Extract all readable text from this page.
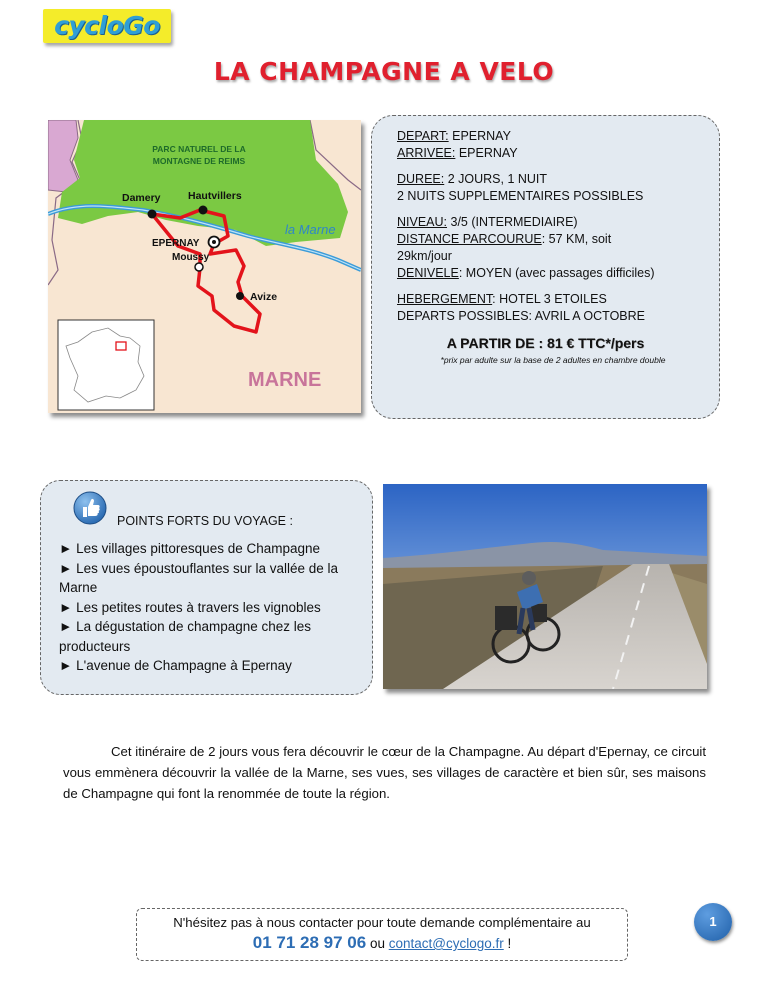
cycloGo
LA CHAMPAGNE A VELO
PARC NATUREL DE LA
MONTAGNE DE REIMS
Damery	Hautvillers
la Marne
EPERNAY
Moussy
Avize
MARNE
DEPART: EPERNAY
ARRIVEE: EPERNAY
DUREE: 2 JOURS, 1 NUIT
2 NUITS SUPPLEMENTAIRES POSSIBLES
NIVEAU: 3/5 (INTERMEDIAIRE)
DISTANCE PARCOURUE: 57 KM, soit
29km/jour
DENIVELE: MOYEN (avec passages difficiles)
HEBERGEMENT: HOTEL 3 ETOILES
DEPARTS POSSIBLES: AVRIL A OCTOBRE
A PARTIR DE : 81 € TTC*/pers
*prix par adulte sur la base de 2 adultes en chambre double
POINTS FORTS DU VOYAGE :
► Les villages pittoresques de Champagne
► Les vues époustouflantes sur la vallée de la Marne
► Les petites routes à travers les vignobles
► La dégustation de champagne chez les producteurs
► L'avenue de Champagne à Epernay
Cet itinéraire de 2 jours vous fera découvrir le cœur de la Champagne. Au départ d'Epernay, ce circuit vous emmènera découvrir la vallée de la Marne, ses vues, ses villages de caractère et bien sûr, ses maisons de Champagne qui font la renommée de toute la région.
N'hésitez pas à nous contacter pour toute demande complémentaire au
01 71 28 97 06 ou contact@cyclogo.fr !
1
